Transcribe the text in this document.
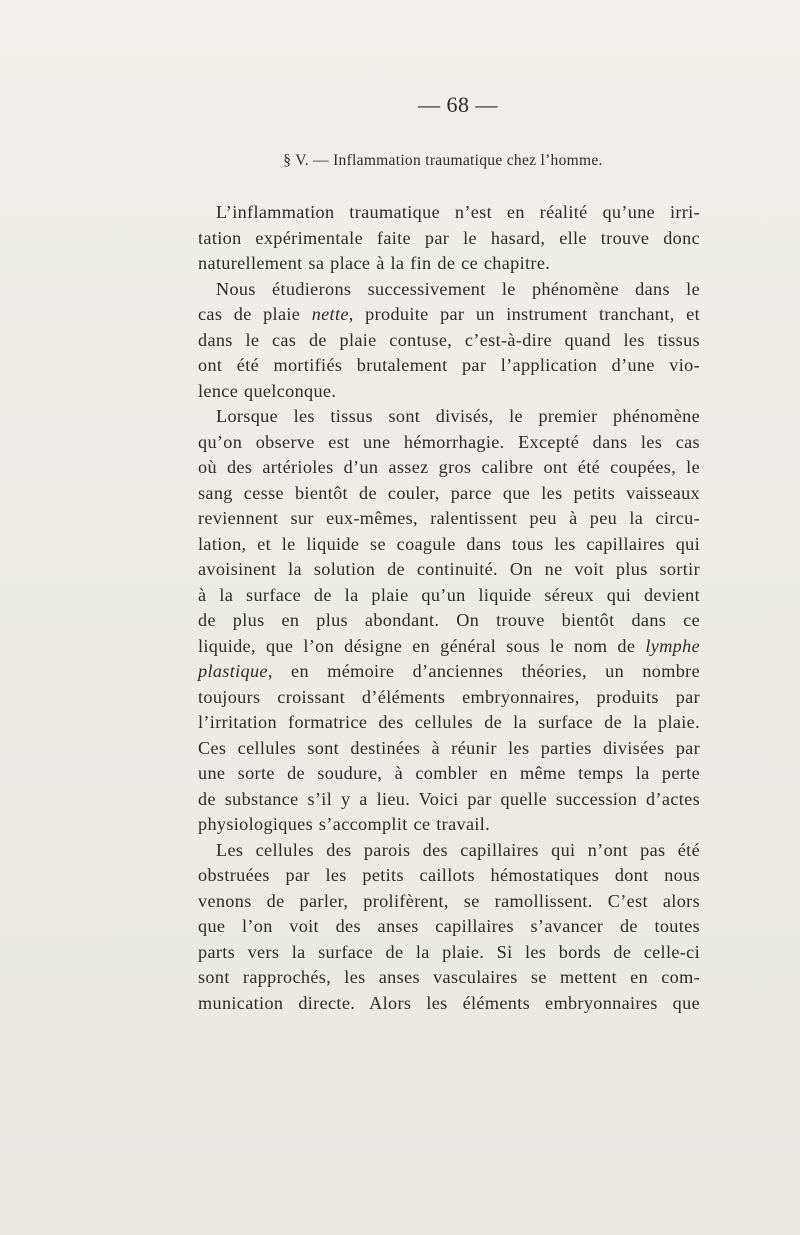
— 68 —
§ V. — Inflammation traumatique chez l’homme.
L’inflammation traumatique n’est en réalité qu’une irri-
tation expérimentale faite par le hasard, elle trouve donc
naturellement sa place à la fin de ce chapitre.
Nous étudierons successivement le phénomène dans le
cas de plaie nette, produite par un instrument tranchant, et
dans le cas de plaie contuse, c’est-à-dire quand les tissus
ont été mortifiés brutalement par l’application d’une vio-
lence quelconque.
Lorsque les tissus sont divisés, le premier phénomène
qu’on observe est une hémorrhagie. Excepté dans les cas
où des artérioles d’un assez gros calibre ont été coupées, le
sang cesse bientôt de couler, parce que les petits vaisseaux
reviennent sur eux-mêmes, ralentissent peu à peu la circu-
lation, et le liquide se coagule dans tous les capillaires qui
avoisinent la solution de continuité. On ne voit plus sortir
à la surface de la plaie qu’un liquide séreux qui devient
de plus en plus abondant. On trouve bientôt dans ce
liquide, que l’on désigne en général sous le nom de lymphe
plastique, en mémoire d’anciennes théories, un nombre
toujours croissant d’éléments embryonnaires, produits par
l’irritation formatrice des cellules de la surface de la plaie.
Ces cellules sont destinées à réunir les parties divisées par
une sorte de soudure, à combler en même temps la perte
de substance s’il y a lieu. Voici par quelle succession d’actes
physiologiques s’accomplit ce travail.
Les cellules des parois des capillaires qui n’ont pas été
obstruées par les petits caillots hémostatiques dont nous
venons de parler, prolifèrent, se ramollissent. C’est alors
que l’on voit des anses capillaires s’avancer de toutes
parts vers la surface de la plaie. Si les bords de celle-ci
sont rapprochés, les anses vasculaires se mettent en com-
munication directe. Alors les éléments embryonnaires que
